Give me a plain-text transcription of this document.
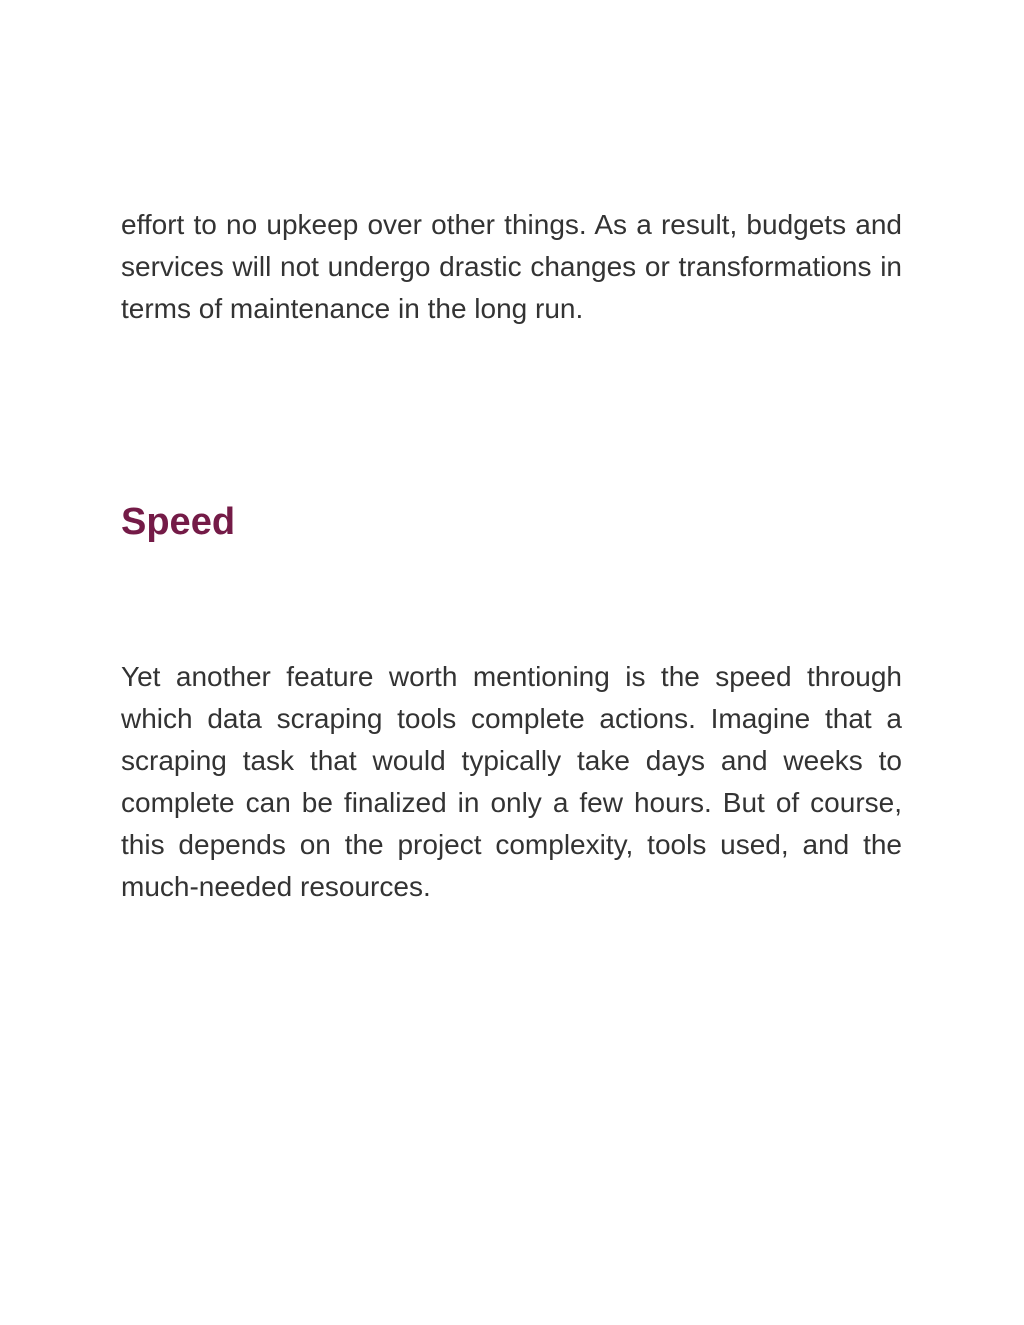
effort to no upkeep over other things. As a result, budgets and services will not undergo drastic changes or transformations in terms of maintenance in the long run.

Speed

Yet another feature worth mentioning is the speed through which data scraping tools complete actions. Imagine that a scraping task that would typically take days and weeks to complete can be finalized in only a few hours. But of course, this depends on the project complexity, tools used, and the much-needed resources.
